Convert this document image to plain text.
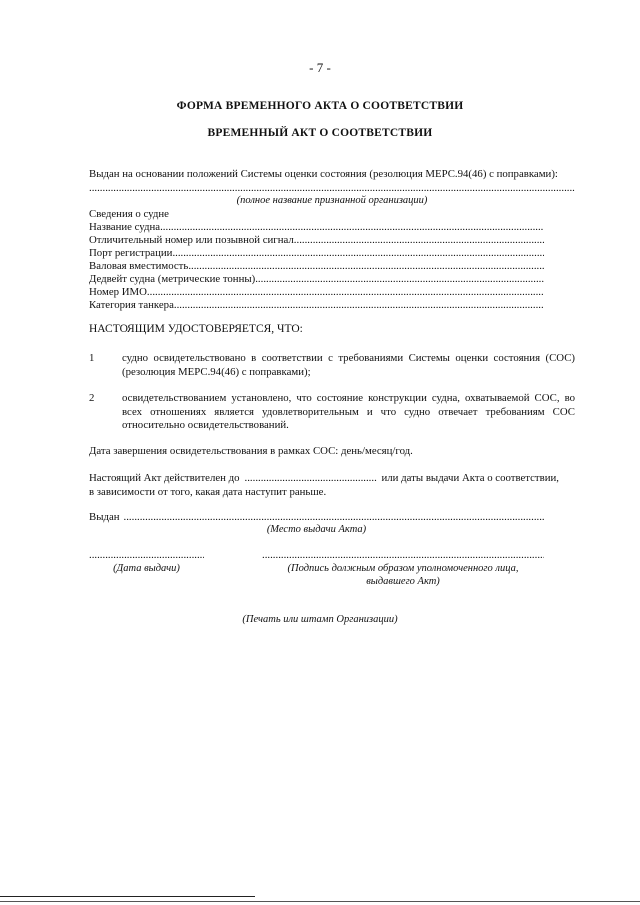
- 7 -
ФОРМА ВРЕМЕННОГО АКТА О СООТВЕТСТВИИ
ВРЕМЕННЫЙ АКТ О СООТВЕТСТВИИ
Выдан на основании положений Системы оценки состояния (резолюция МЕРС.94(46) с поправками):
.....
(полное название признанной организации)
Сведения о судне
Название судна
.....
Отличительный номер или позывной сигнал
.....
Порт регистрации
.....
Валовая вместимость
.....
Дедвейт судна (метрические тонны)
.....
Номер ИМО
.....
Категория танкера
.....
НАСТОЯЩИМ УДОСТОВЕРЯЕТСЯ, ЧТО:
1	судно освидетельствовано в соответствии с требованиями Системы оценки состояния (СОС) (резолюция МЕРС.94(46) с поправками);
2	освидетельствованием установлено, что состояние конструкции судна, охватываемой СОС, во всех отношениях является удовлетворительным и что судно отвечает требованиям СОС относительно освидетельствований.
Дата завершения освидетельствования в рамках СОС: день/месяц/год.
Настоящий Акт действителен до
.....	или даты выдачи Акта о соответствии,
в зависимости от того, какая дата наступит раньше.
Выдан
.....
(Место выдачи Акта)
.....
.....
(Дата выдачи)	(Подпись должным образом уполномоченного лица,
выдавшего Акт)
(Печать или штамп Организации)
